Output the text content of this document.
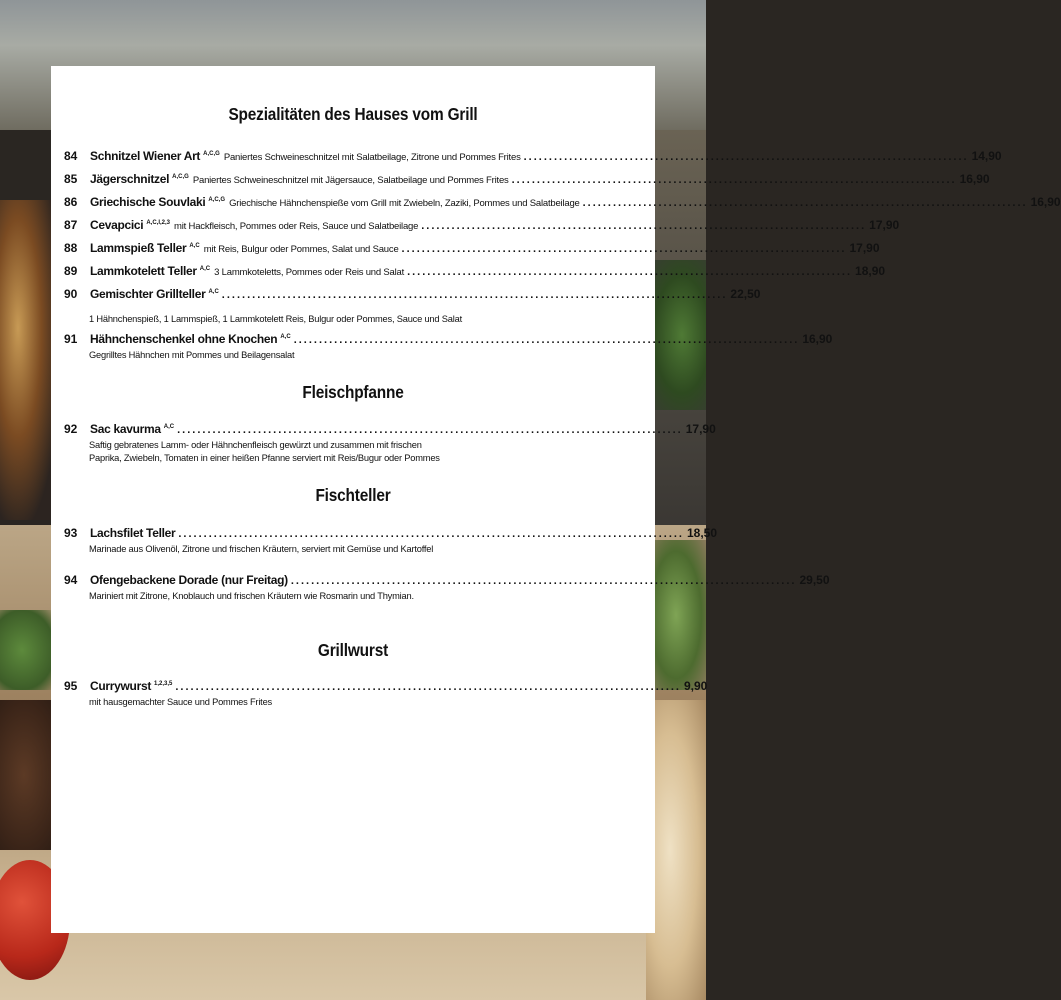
Spezialitäten des Hauses vom Grill
84	Schnitzel Wiener Art A,C,G Paniertes Schweineschnitzel mit Salatbeilage, Zitrone und Pommes Frites ........................................................................................ 14,90
85	Jägerschnitzel A,C,G Paniertes Schweineschnitzel mit Jägersauce, Salatbeilage und Pommes Frites ........................................................................................ 16,90
86	Griechische Souvlaki A,C,G Griechische Hähnchenspieße vom Grill mit Zwiebeln, Zaziki, Pommes und Salatbeilage ........................................................................................ 16,90
87	Cevapcici A,C,I,2,3 mit Hackfleisch, Pommes oder Reis, Sauce und Salatbeilage ........................................................................................ 17,90
88	Lammspieß Teller A,C mit Reis, Bulgur oder Pommes, Salat und Sauce ........................................................................................ 17,90
89	Lammkotelett Teller A,C 3 Lammkoteletts, Pommes oder Reis und Salat ........................................................................................ 18,90
90	Gemischter Grillteller A,C .................................................................................................... 22,50
1 Hähnchenspieß, 1 Lammspieß, 1 Lammkotelett Reis, Bulgur oder Pommes, Sauce und Salat
91	Hähnchenschenkel ohne Knochen A,C .................................................................................................... 16,90
Gegrilltes Hähnchen mit Pommes und Beilagensalat
Fleischpfanne
92	Sac kavurma A,C .................................................................................................... 17,90
Saftig gebratenes Lamm- oder Hähnchenfleisch gewürzt und zusammen mit frischen
Paprika, Zwiebeln, Tomaten in einer heißen Pfanne serviert mit Reis/Bugur oder Pommes
Fischteller
93	Lachsfilet Teller .................................................................................................... 18,50
Marinade aus Olivenöl, Zitrone und frischen Kräutern, serviert mit Gemüse und Kartoffel
94	Ofengebackene Dorade (nur Freitag) .................................................................................................... 29,50
Mariniert mit Zitrone, Knoblauch und frischen Kräutern wie Rosmarin und Thymian.
Grillwurst
95	Currywurst 1,2,3,5 .................................................................................................... 9,90
mit hausgemachter Sauce und Pommes Frites
